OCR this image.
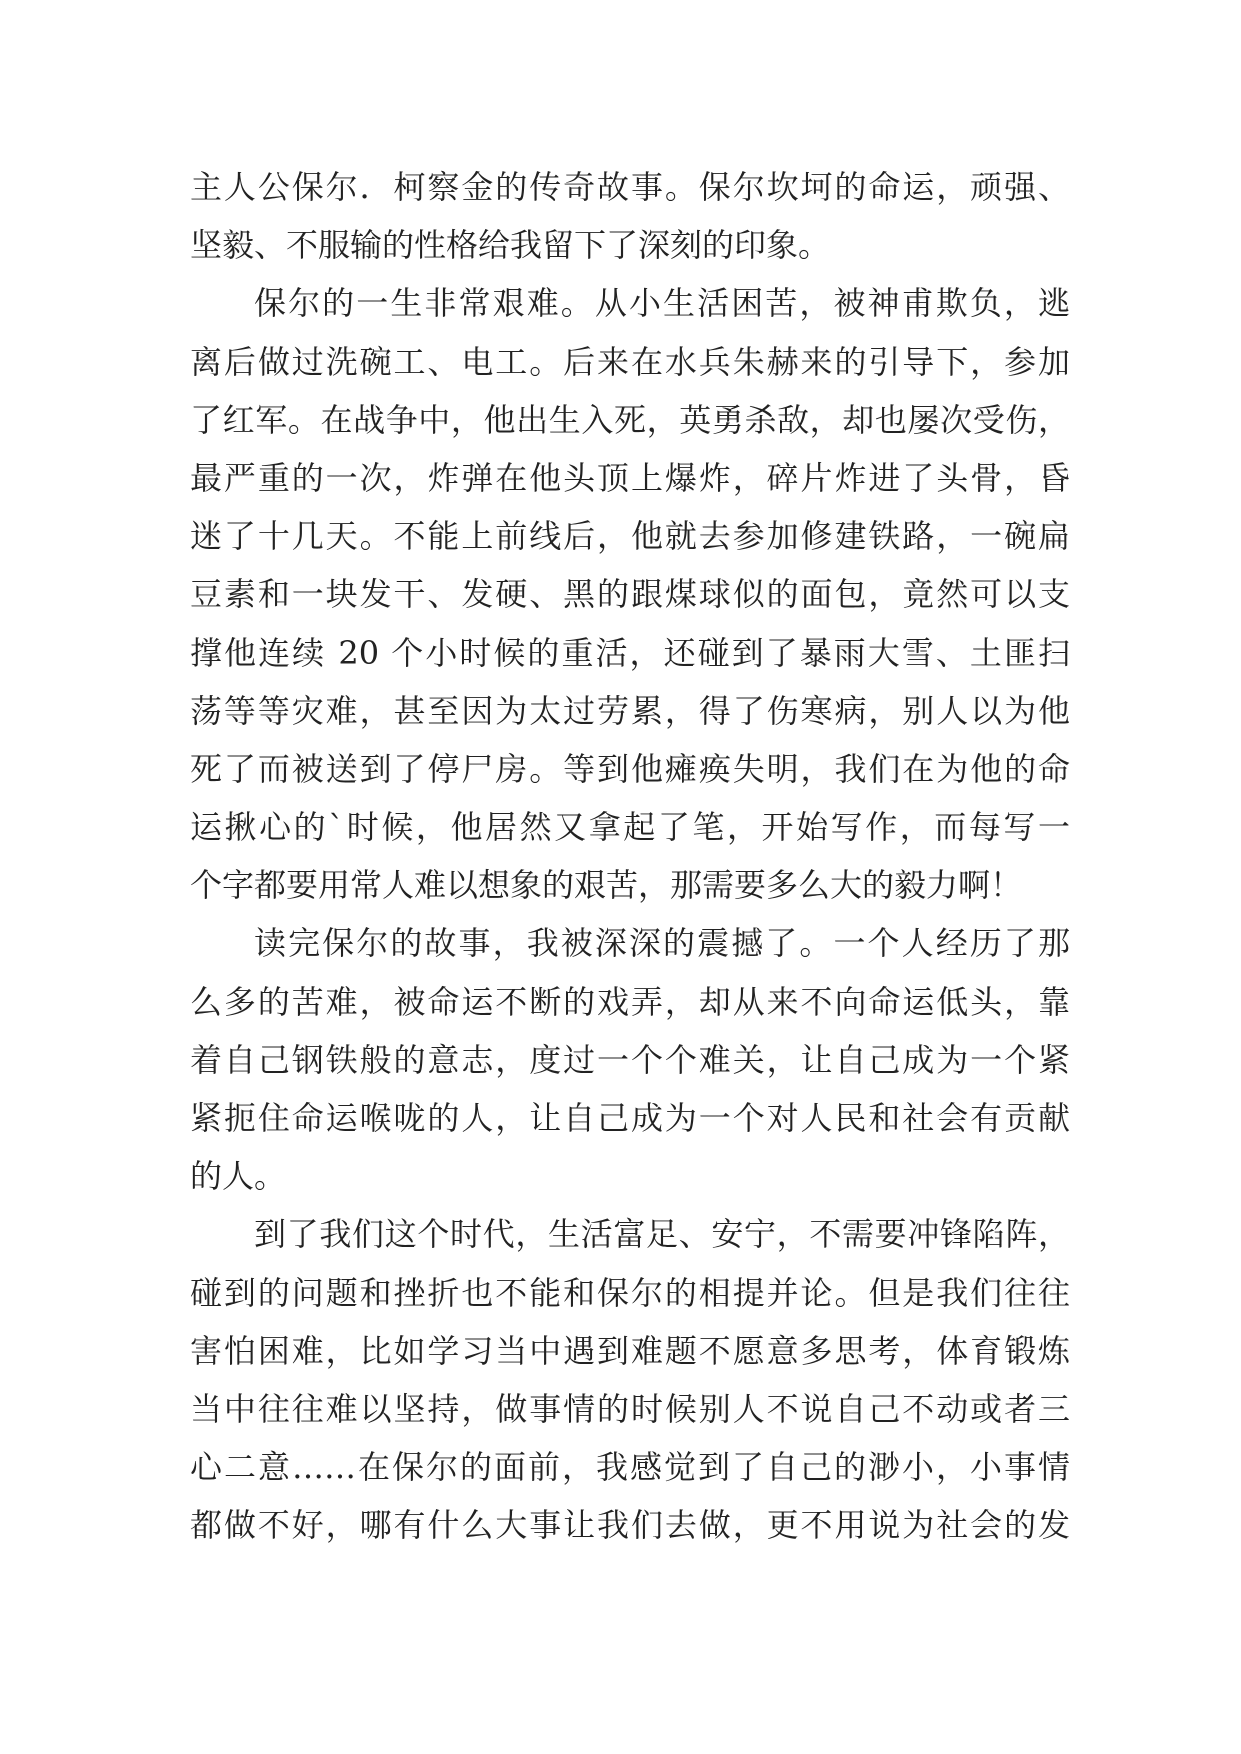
主人公保尔．柯察金的传奇故事。保尔坎坷的命运，顽强、
坚毅、不服输的性格给我留下了深刻的印象。
保尔的一生非常艰难。从小生活困苦，被神甫欺负，逃
离后做过洗碗工、电工。后来在水兵朱赫来的引导下，参加
了红军。在战争中，他出生入死，英勇杀敌，却也屡次受伤，
最严重的一次，炸弹在他头顶上爆炸，碎片炸进了头骨，昏
迷了十几天。不能上前线后，他就去参加修建铁路，一碗扁
豆素和一块发干、发硬、黑的跟煤球似的面包，竟然可以支
撑他连续 20 个小时候的重活，还碰到了暴雨大雪、土匪扫
荡等等灾难，甚至因为太过劳累，得了伤寒病，别人以为他
死了而被送到了停尸房。等到他瘫痪失明，我们在为他的命
运揪心的`时候，他居然又拿起了笔，开始写作，而每写一
个字都要用常人难以想象的艰苦，那需要多么大的毅力啊！
读完保尔的故事，我被深深的震撼了。一个人经历了那
么多的苦难，被命运不断的戏弄，却从来不向命运低头，靠
着自己钢铁般的意志，度过一个个难关，让自己成为一个紧
紧扼住命运喉咙的人，让自己成为一个对人民和社会有贡献
的人。
到了我们这个时代，生活富足、安宁，不需要冲锋陷阵，
碰到的问题和挫折也不能和保尔的相提并论。但是我们往往
害怕困难，比如学习当中遇到难题不愿意多思考，体育锻炼
当中往往难以坚持，做事情的时候别人不说自己不动或者三
心二意……在保尔的面前，我感觉到了自己的渺小，小事情
都做不好，哪有什么大事让我们去做，更不用说为社会的发
